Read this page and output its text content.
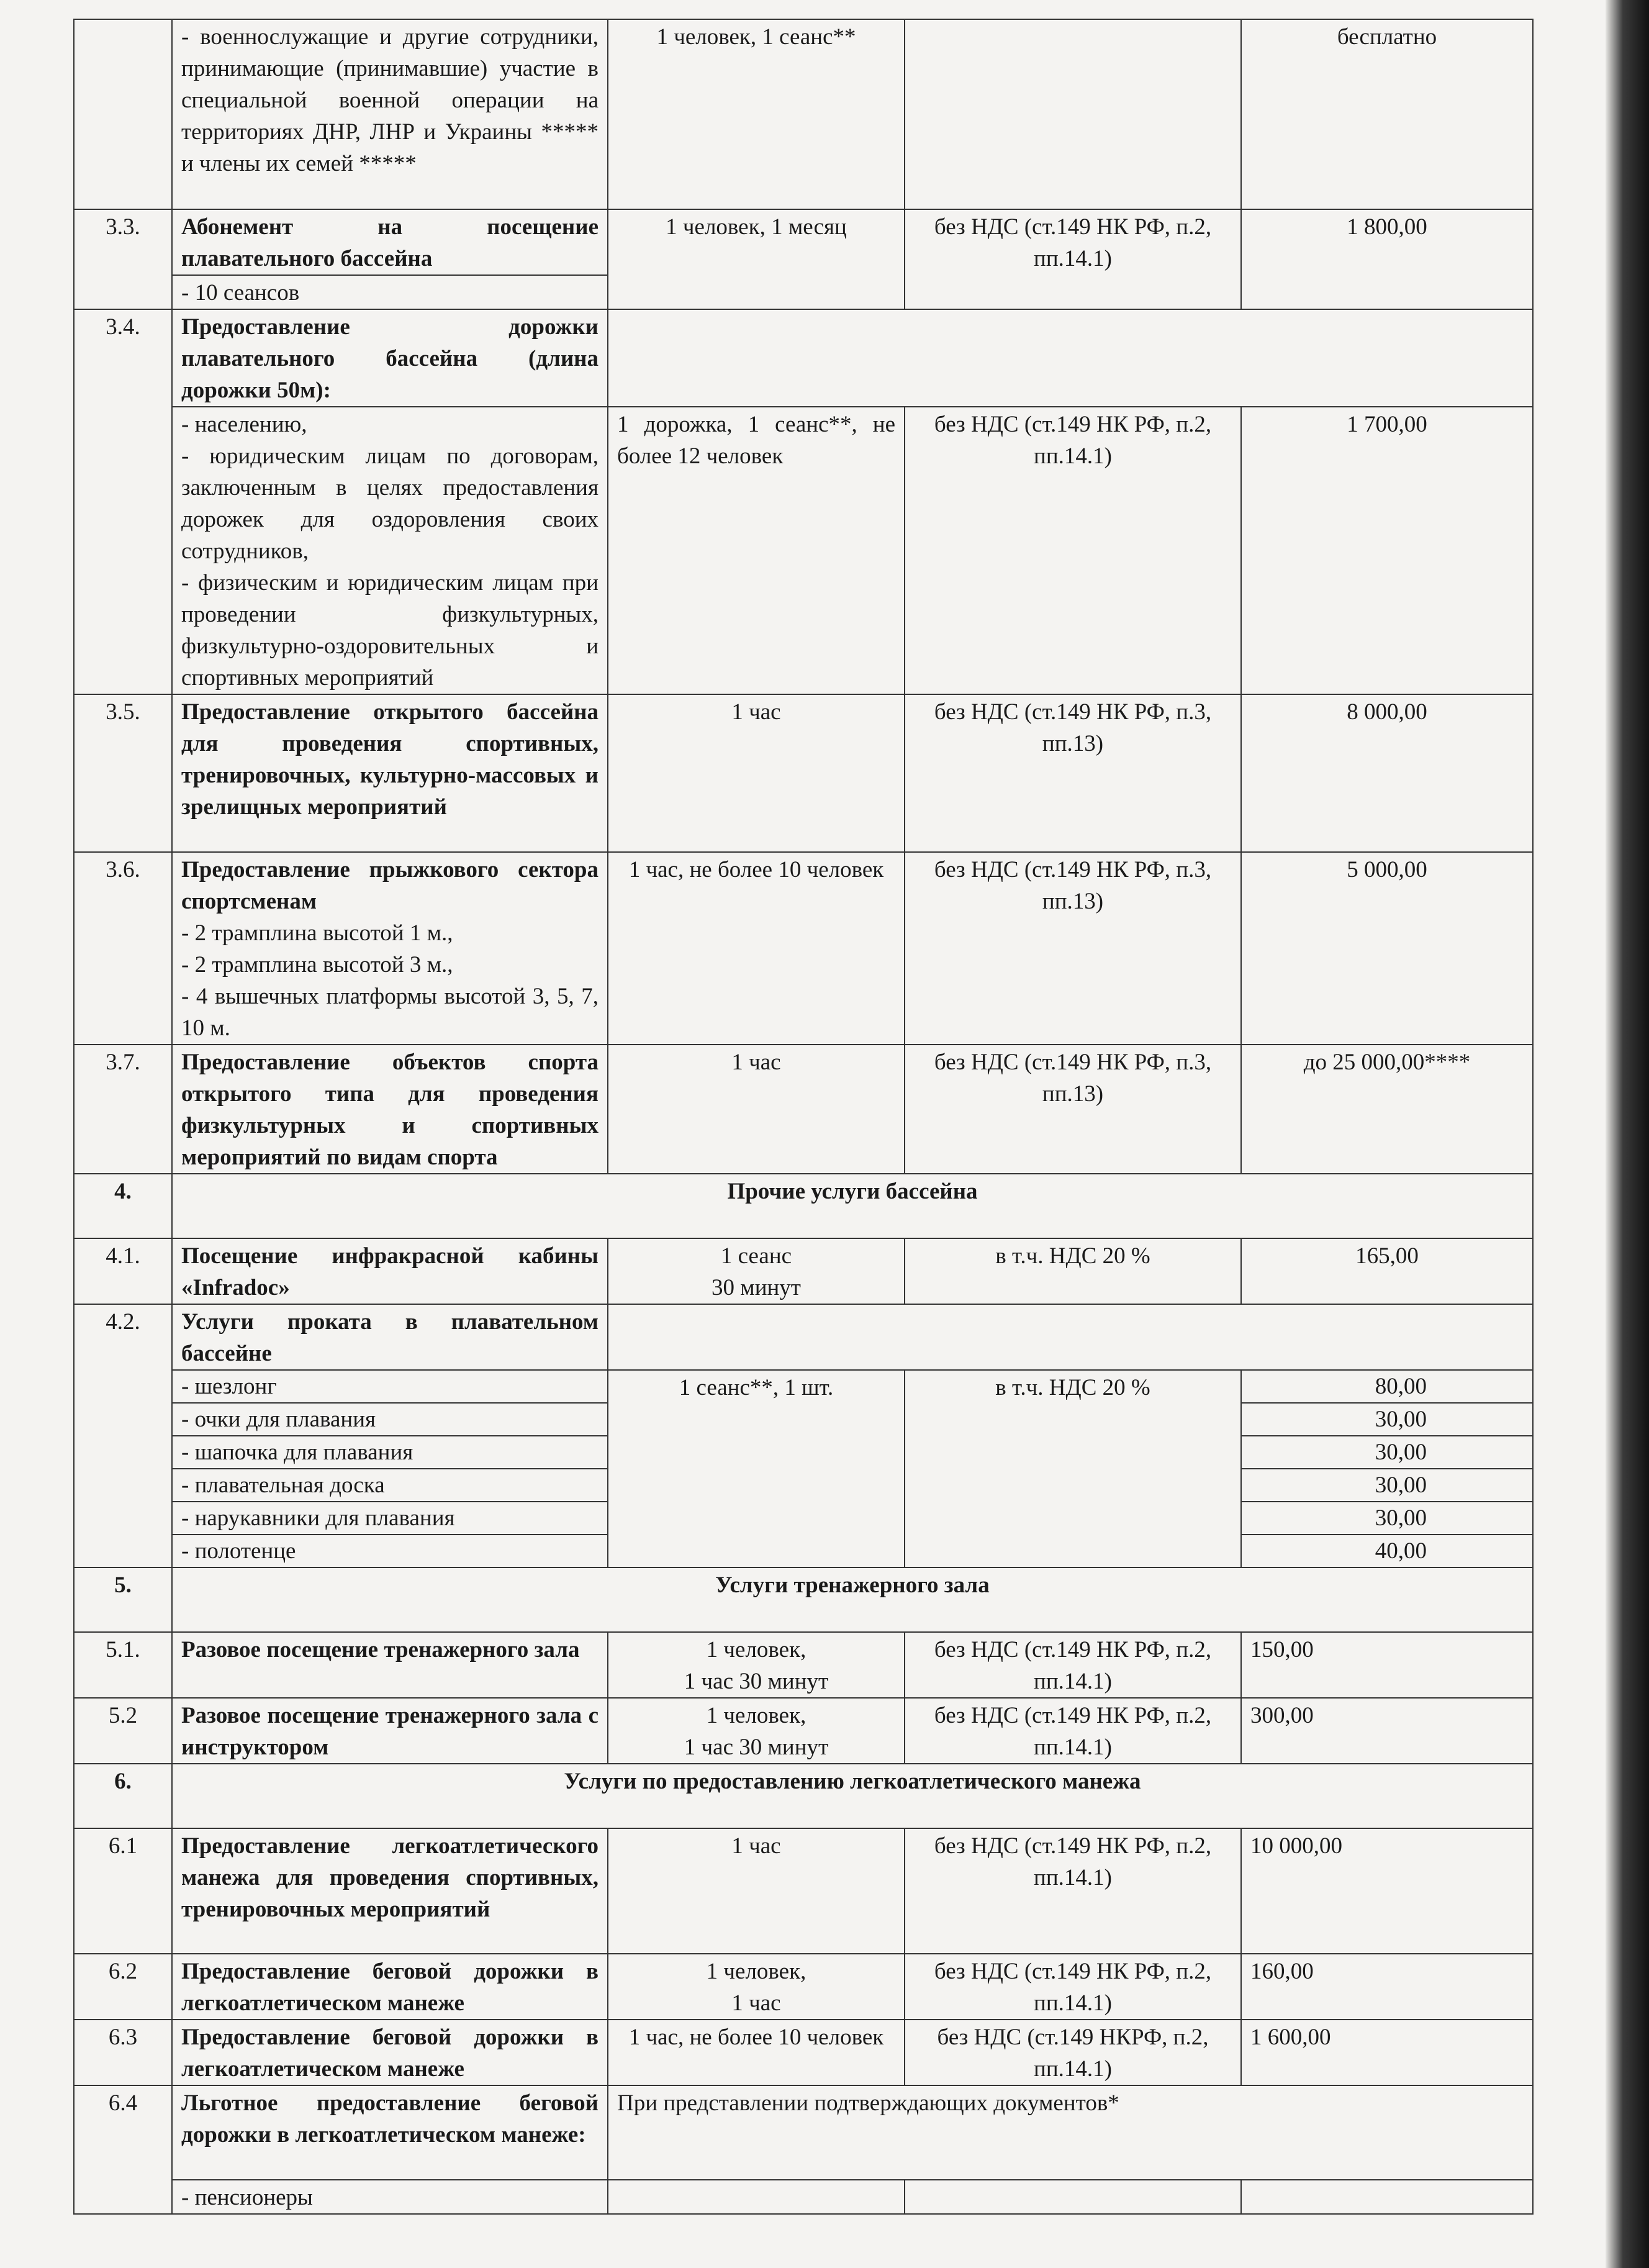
	- военнослужащие и другие сотрудники, принимающие (принимавшие) участие в специальной военной операции на территориях ДНР, ЛНР и Украины ***** и члены их семей *****	1 человек, 1 сеанс**		бесплатно
3.3.	Абонемент на посещение плавательного бассейна	1 человек, 1 месяц	без НДС (ст.149 НК РФ, п.2, пп.14.1)	1 800,00
	- 10 сеансов			
3.4.	Предоставление дорожки плавательного бассейна (длина дорожки 50м):			

	- населению,
- юридическим лицам по договорам, заключенным в целях предоставления дорожек для оздоровления своих сотрудников,
- физическим и юридическим лицам при проведении физкультурных, физкультурно-оздоровительных и спортивных мероприятий	1 дорожка, 1 сеанс**, не более 12 человек	без НДС (ст.149 НК РФ, п.2, пп.14.1)	1 700,00
3.5.	Предоставление открытого бассейна для проведения спортивных, тренировочных, культурно-массовых и зрелищных мероприятий	1 час	без НДС (ст.149 НК РФ, п.3, пп.13)	8 000,00
3.6.	Предоставление прыжкового сектора спортсменам
- 2 трамплина высотой 1 м.,
- 2 трамплина высотой 3 м.,
- 4 вышечных платформы высотой 3, 5, 7, 10 м.	1 час, не более 10 человек	без НДС (ст.149 НК РФ, п.3, пп.13)	5 000,00
3.7.	Предоставление объектов спорта открытого типа для проведения физкультурных и спортивных мероприятий по видам спорта	1 час	без НДС (ст.149 НК РФ, п.3, пп.13)	до 25 000,00****
4.	Прочие услуги бассейна			
4.1.	Посещение инфракрасной кабины «Infradoc»	1 сеанс
30 минут	в т.ч. НДС 20 %	165,00
4.2.	Услуги проката в плавательном бассейне			
	- шезлонг	1 сеанс**, 1 шт.	в т.ч. НДС 20 %	80,00
	- очки для плавания			30,00
	- шапочка для плавания			30,00
	- плавательная доска			30,00
	- нарукавники для плавания			30,00
	- полотенце			40,00
5.	Услуги тренажерного зала			
5.1.	Разовое посещение тренажерного зала	1 человек,
1 час 30 минут	без НДС (ст.149 НК РФ, п.2, пп.14.1)	150,00
5.2	Разовое посещение тренажерного зала с инструктором	1 человек,
1 час 30 минут	без НДС (ст.149 НК РФ, п.2, пп.14.1)	300,00
6.	Услуги по предоставлению легкоатлетического манежа			
6.1	Предоставление легкоатлетического манежа для проведения спортивных, тренировочных мероприятий	1 час	без НДС (ст.149 НК РФ, п.2, пп.14.1)	10 000,00
6.2	Предоставление беговой дорожки в легкоатлетическом манеже	1 человек,
1 час	без НДС (ст.149 НК РФ, п.2, пп.14.1)	160,00
6.3	Предоставление беговой дорожки в легкоатлетическом манеже	1 час, не более 10 человек	без НДС (ст.149 НКРФ, п.2, пп.14.1)	1 600,00
6.4	Льготное предоставление беговой дорожки в легкоатлетическом манеже:	При представлении подтверждающих документов*		
	- пенсионеры			
